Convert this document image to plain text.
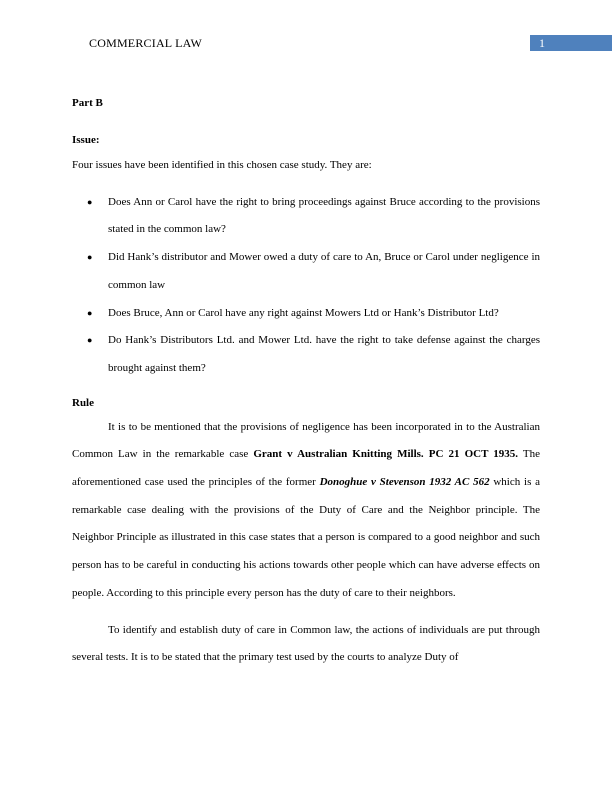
COMMERCIAL LAW	1

Part B

Issue:

Four issues have been identified in this chosen case study. They are:

● Does Ann or Carol have the right to bring proceedings against Bruce according to the provisions stated in the common law?
● Did Hank’s distributor and Mower owed a duty of care to An, Bruce or Carol under negligence in common law
● Does Bruce, Ann or Carol have any right against Mowers Ltd or Hank’s Distributor Ltd?
● Do Hank’s Distributors Ltd. and Mower Ltd. have the right to take defense against the charges brought against them?

Rule

It is to be mentioned that the provisions of negligence has been incorporated in to the Australian Common Law in the remarkable case Grant v Australian Knitting Mills. PC 21 OCT 1935. The aforementioned case used the principles of the former Donoghue v Stevenson 1932 AC 562 which is a remarkable case dealing with the provisions of the Duty of Care and the Neighbor principle. The Neighbor Principle as illustrated in this case states that a person is compared to a good neighbor and such person has to be careful in conducting his actions towards other people which can have adverse effects on people. According to this principle every person has the duty of care to their neighbors.

To identify and establish duty of care in Common law, the actions of individuals are put through several tests. It is to be stated that the primary test used by the courts to analyze Duty of
